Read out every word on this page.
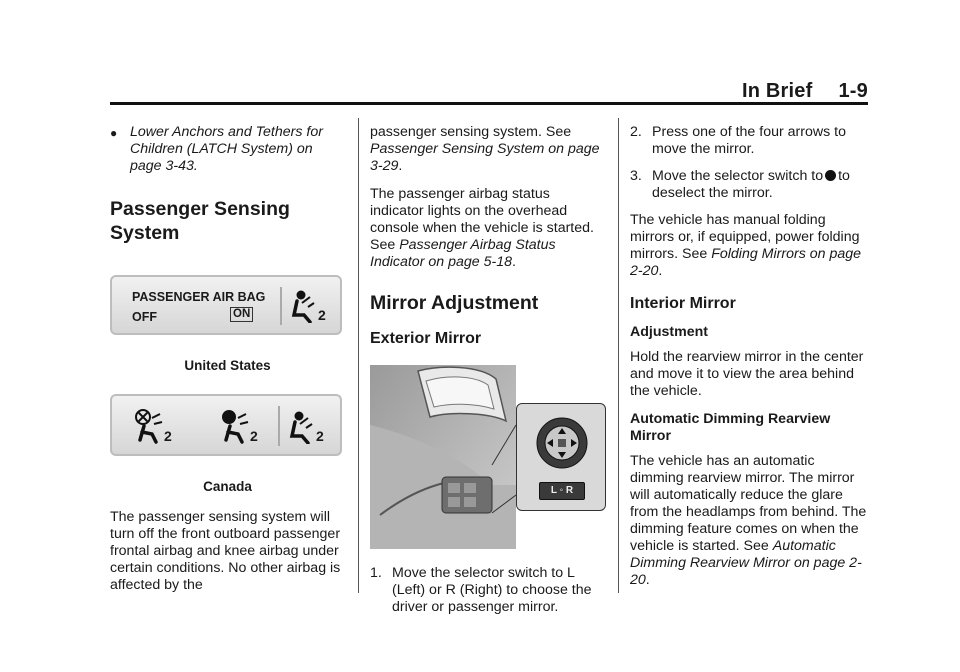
In Brief 1-9
● Lower Anchors and Tethers for Children (LATCH System) on page 3-43.
Passenger Sensing System
PASSENGER AIR BAG
OFF	ON	2
United States
2	2	2
Canada

The passenger sensing system will turn off the front outboard passenger frontal airbag and knee airbag under certain conditions. No other airbag is affected by the

passenger sensing system. See Passenger Sensing System on page 3-29.

The passenger airbag status indicator lights on the overhead console when the vehicle is started. See Passenger Airbag Status Indicator on page 5-18.

Mirror Adjustment
Exterior Mirror
L ◦ R
1. Move the selector switch to L (Left) or R (Right) to choose the driver or passenger mirror.
2. Press one of the four arrows to move the mirror.
3. Move the selector switch to to deselect the mirror.

The vehicle has manual folding mirrors or, if equipped, power folding mirrors. See Folding Mirrors on page 2-20.

Interior Mirror
Adjustment

Hold the rearview mirror in the center and move it to view the area behind the vehicle.

Automatic Dimming Rearview Mirror

The vehicle has an automatic dimming rearview mirror. The mirror will automatically reduce the glare from the headlamps from behind. The dimming feature comes on when the vehicle is started. See Automatic Dimming Rearview Mirror on page 2-20.
